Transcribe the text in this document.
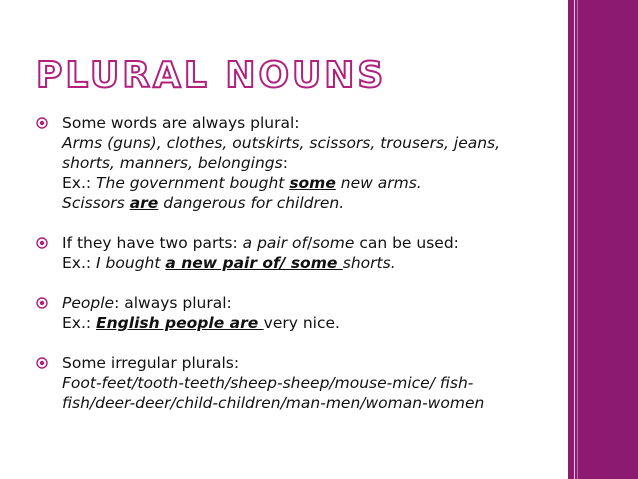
PLURAL NOUNS
Some words are always plural:
Arms (guns), clothes, outskirts, scissors, trousers, jeans,
shorts, manners, belongings:
Ex.: The government bought some new arms.
Scissors are dangerous for children.
If they have two parts: a pair of/some can be used:
Ex.: I bought a new pair of/ some shorts.
People: always plural:
Ex.: English people are very nice.
Some irregular plurals:
Foot-feet/tooth-teeth/sheep-sheep/mouse-mice/ fish-
fish/deer-deer/child-children/man-men/woman-women
